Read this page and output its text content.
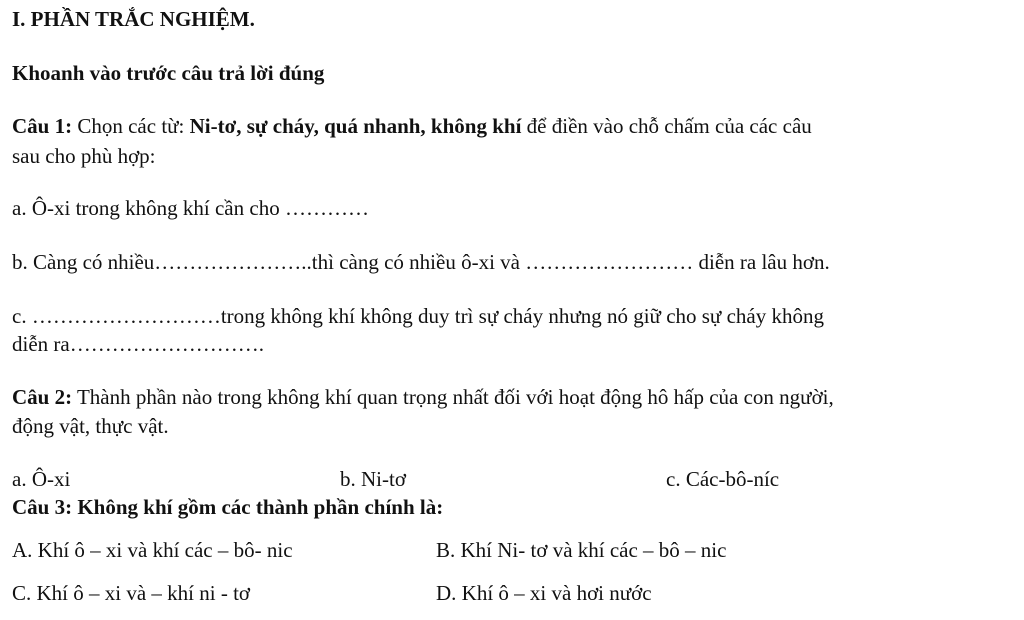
I. PHẦN TRẮC NGHIỆM.
Khoanh vào trước câu trả lời đúng
Câu 1: Chọn các từ: Ni-tơ, sự cháy, quá nhanh, không khí để điền vào chỗ chấm của các câu
sau cho phù hợp:
a. Ô-xi trong không khí cần cho …………
b. Càng có nhiều…………………..thì càng có nhiều ô-xi và …………………… diễn ra lâu hơn.
c. ………………………trong không khí không duy trì sự cháy nhưng nó giữ cho sự cháy không
diễn ra……………………….
Câu 2: Thành phần nào trong không khí quan trọng nhất đối với hoạt động hô hấp của con người,
động vật, thực vật.
a. Ô-xi	b. Ni-tơ	c. Các-bô-níc
Câu 3: Không khí gồm các thành phần chính là:
A. Khí ô – xi và khí các – bô- nic	B. Khí Ni- tơ và khí các – bô – nic
C. Khí ô – xi và – khí ni - tơ	D. Khí ô – xi và hơi nước
